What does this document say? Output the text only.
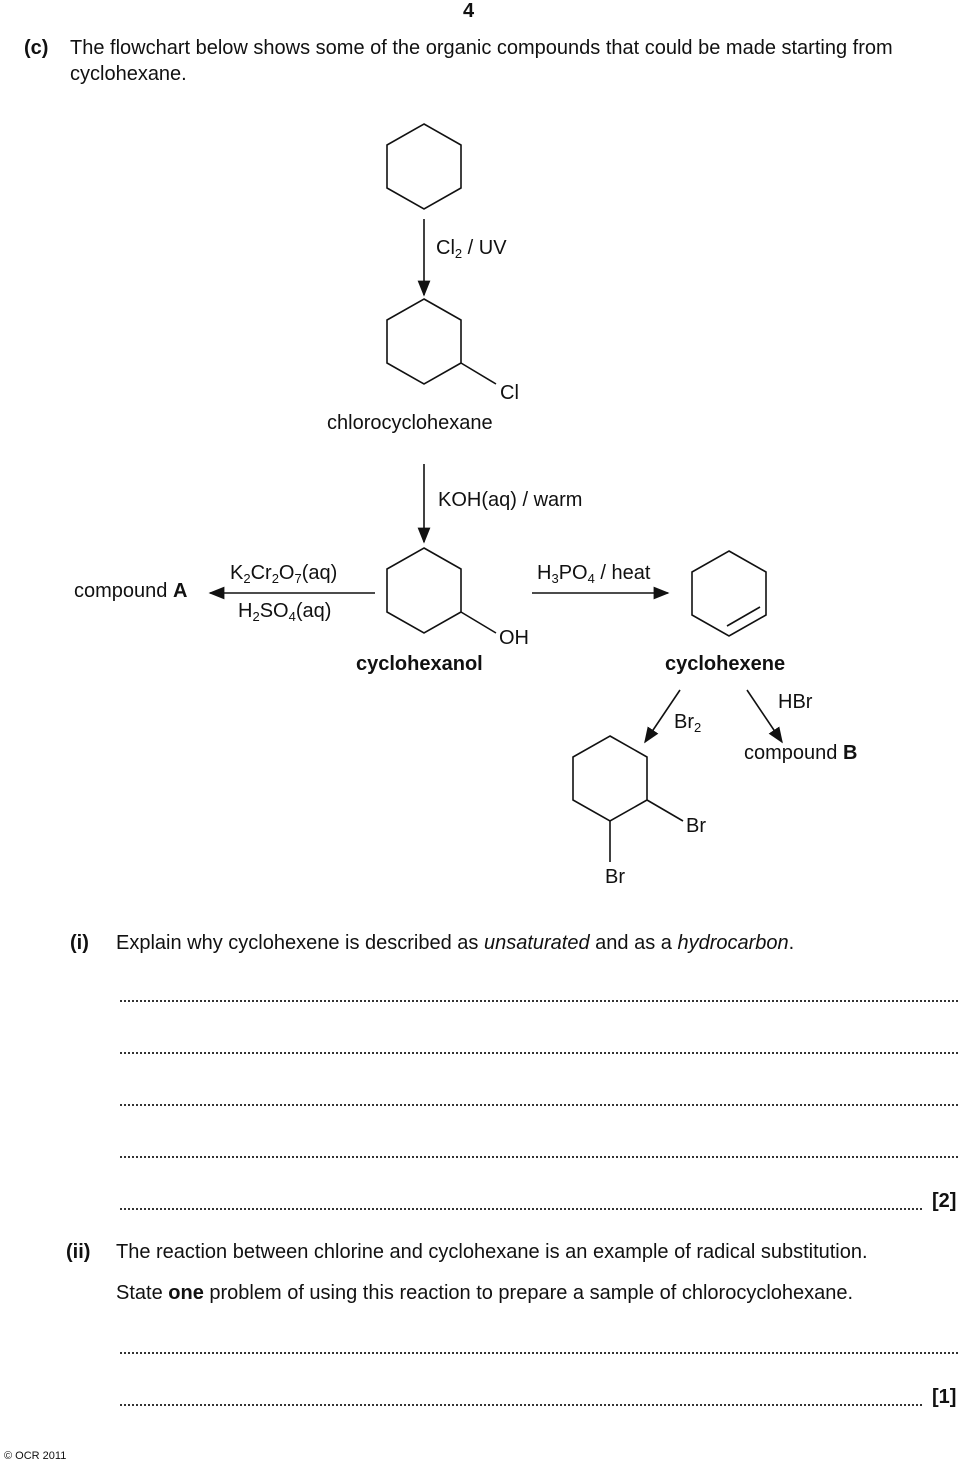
4
(c) The flowchart below shows some of the organic compounds that could be made starting from
cyclohexane.
$Cl_2$ / UV
Cl
chlorocyclohexane
KOH(aq) / warm
compound A
$K_2Cr_2O_7(aq)$
$H_2SO_4(aq)$
OH
cyclohexanol
$H_3PO_4$ / heat
cyclohexene
$Br_2$
HBr
compound B
Br
Br
(i) Explain why cyclohexene is described as unsaturated and as a hydrocarbon.
[2]
(ii) The reaction between chlorine and cyclohexane is an example of radical substitution.
State one problem of using this reaction to prepare a sample of chlorocyclohexane.
[1]
© OCR 2011
